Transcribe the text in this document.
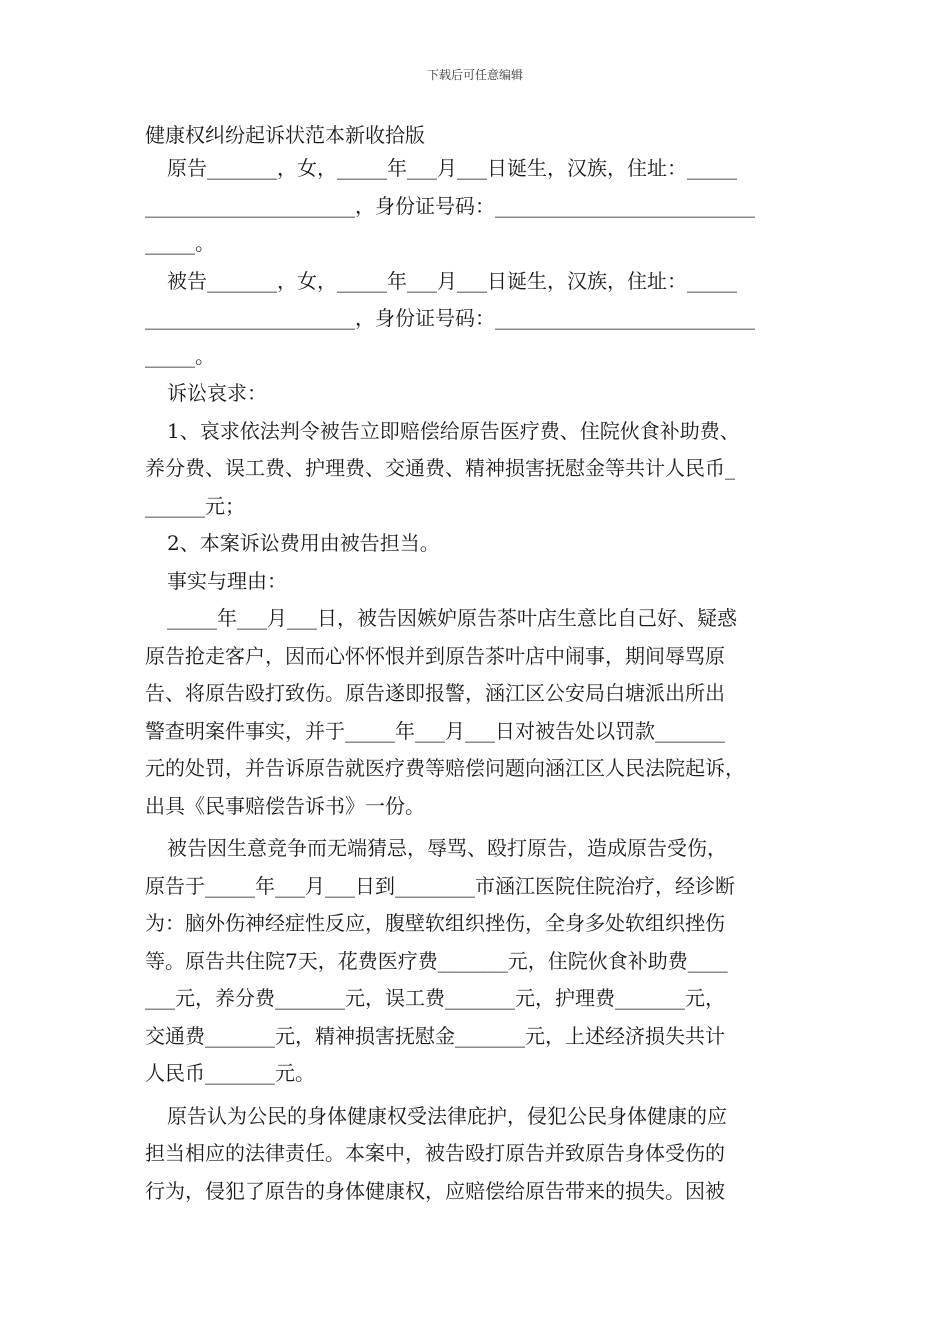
下载后可任意编辑
健康权纠纷起诉状范本新收拾版
原告_______，女，_____年___月___日诞生，汉族，住址：_____
_____________________，身份证号码：__________________________
_____。
被告_______，女，_____年___月___日诞生，汉族，住址：_____
_____________________，身份证号码：__________________________
_____。
诉讼哀求：
1、哀求依法判令被告立即赔偿给原告医疗费、住院伙食补助费、
养分费、误工费、护理费、交通费、精神损害抚慰金等共计人民币_
______元；
2、本案诉讼费用由被告担当。
事实与理由：
_____年___月___日，被告因嫉妒原告茶叶店生意比自己好、疑惑
原告抢走客户，因而心怀怀恨并到原告茶叶店中闹事，期间辱骂原
告、将原告殴打致伤。原告遂即报警，涵江区公安局白塘派出所出
警查明案件事实，并于_____年___月___日对被告处以罚款_______
元的处罚，并告诉原告就医疗费等赔偿问题向涵江区人民法院起诉，
出具《民事赔偿告诉书》一份。
被告因生意竞争而无端猜忌，辱骂、殴打原告，造成原告受伤，
原告于_____年___月___日到________市涵江医院住院治疗，经诊断
为：脑外伤神经症性反应，腹壁软组织挫伤，全身多处软组织挫伤
等。原告共住院7天，花费医疗费_______元，住院伙食补助费____
___元，养分费_______元，误工费_______元，护理费_______元，
交通费_______元，精神损害抚慰金_______元，上述经济损失共计
人民币_______元。
原告认为公民的身体健康权受法律庇护，侵犯公民身体健康的应
担当相应的法律责任。本案中，被告殴打原告并致原告身体受伤的
行为，侵犯了原告的身体健康权，应赔偿给原告带来的损失。因被
